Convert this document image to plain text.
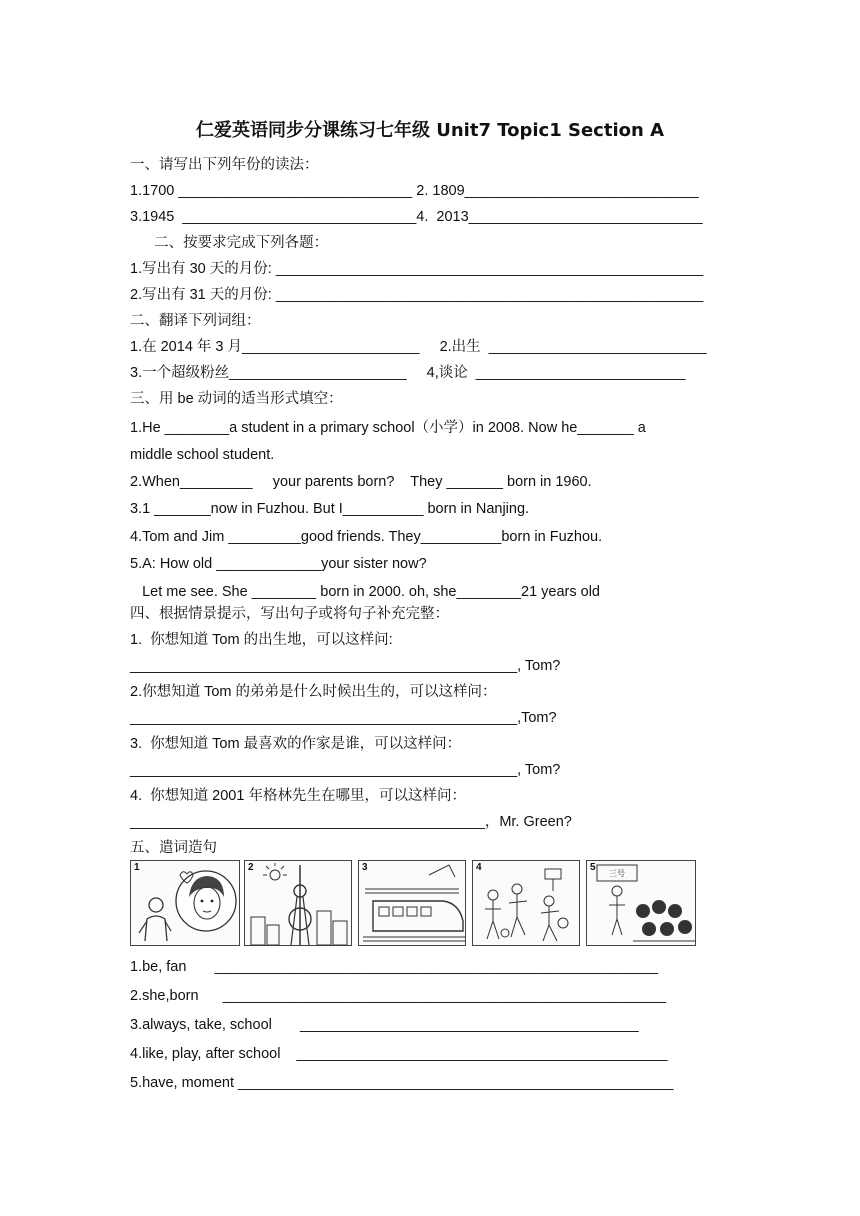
仁爱英语同步分课练习七年级 Unit7 Topic1 Section A
一、请写出下列年份的读法：
1.1700 _____________________________ 2. 1809_____________________________
3.1945  _____________________________4.  2013_____________________________
二、按要求完成下列各题：
1.写出有 30 天的月份: _____________________________________________________
2.写出有 31 天的月份: _____________________________________________________
二、翻译下列词组：
1.在 2014 年 3 月______________________     2.出生  ___________________________
3.一个超级粉丝______________________     4,谈论  __________________________
三、用 be 动词的适当形式填空：
1.He ________a student in a primary school（小学）in 2008. Now he_______ a
middle school student.
2.When_________     your parents born?    They _______ born in 1960.
3.1 _______now in Fuzhou. But I__________ born in Nanjing.
4.Tom and Jim _________good friends. They__________born in Fuzhou.
5.A: How old _____________your sister now?
Let me see. She ________ born in 2000. oh, she________21 years old
四、根据情景提示，写出句子或将句子补充完整：
1.  你想知道 Tom 的出生地，可以这样问:
________________________________________________, Tom?
2.你想知道 Tom 的弟弟是什么时候出生的，可以这样问：
________________________________________________,Tom?
3.  你想知道 Tom 最喜欢的作家是谁，可以这样问：
________________________________________________, Tom?
4.  你想知道 2001 年格林先生在哪里，可以这样问：
____________________________________________，Mr. Green?
五、遣词造句
1	2	3	4	5
三号
1.be, fan       _______________________________________________________
2.she,born      _______________________________________________________
3.always, take, school       __________________________________________
4.like, play, after school    ______________________________________________
5.have, moment ______________________________________________________
